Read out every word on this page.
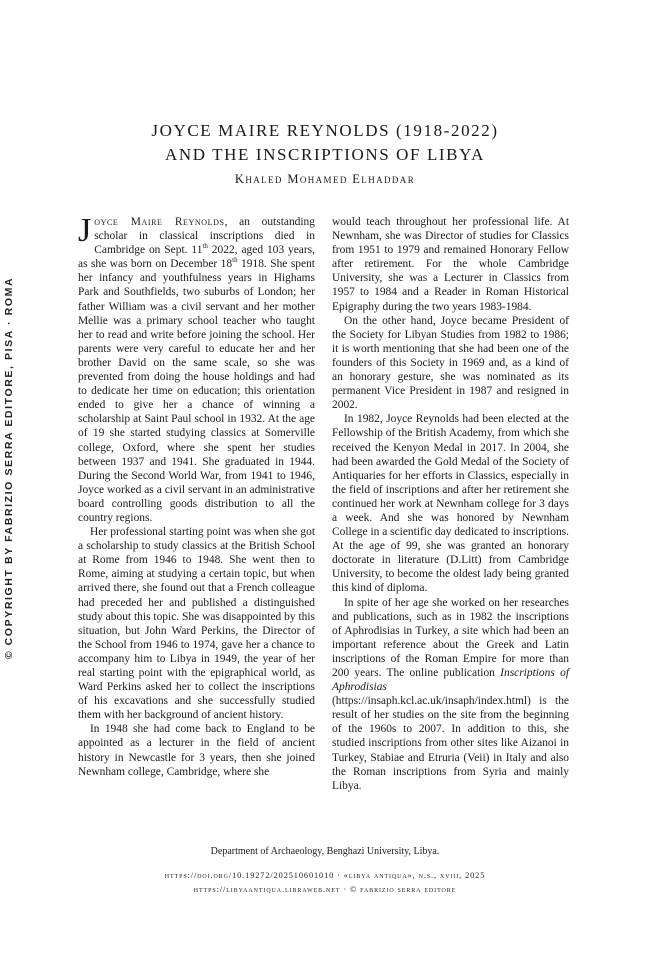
© COPYRIGHT BY FABRIZIO SERRA EDITORE, PISA · ROMA
JOYCE MAIRE REYNOLDS (1918-2022)
AND THE INSCRIPTIONS OF LIBYA
Khaled Mohamed Elhaddar

Joyce Maire Reynolds, an outstanding scholar in classical inscriptions died in Cambridge on Sept. 11th 2022, aged 103 years, as she was born on December 18th 1918. She spent her infancy and youthfulness years in Highams Park and Southfields, two suburbs of London; her father William was a civil servant and her mother Mellie was a primary school teacher who taught her to read and write before joining the school. Her parents were very careful to educate her and her brother David on the same scale, so she was prevented from doing the house holdings and had to dedicate her time on education; this orientation ended to give her a chance of winning a scholarship at Saint Paul school in 1932. At the age of 19 she started studying classics at Somerville college, Oxford, where she spent her studies between 1937 and 1941. She graduated in 1944. During the Second World War, from 1941 to 1946, Joyce worked as a civil servant in an administrative board controlling goods distribution to all the country regions.

Her professional starting point was when she got a scholarship to study classics at the British School at Rome from 1946 to 1948. She went then to Rome, aiming at studying a certain topic, but when arrived there, she found out that a French colleague had preceded her and published a distinguished study about this topic. She was disappointed by this situation, but John Ward Perkins, the Director of the School from 1946 to 1974, gave her a chance to accompany him to Libya in 1949, the year of her real starting point with the epigraphical world, as Ward Perkins asked her to collect the inscriptions of his excavations and she successfully studied them with her background of ancient history.

In 1948 she had come back to England to be appointed as a lecturer in the field of ancient history in Newcastle for 3 years, then she joined Newnham college, Cambridge, where she

would teach throughout her professional life. At Newnham, she was Director of studies for Classics from 1951 to 1979 and remained Honorary Fellow after retirement. For the whole Cambridge University, she was a Lecturer in Classics from 1957 to 1984 and a Reader in Roman Historical Epigraphy during the two years 1983-1984.

On the other hand, Joyce became President of the Society for Libyan Studies from 1982 to 1986; it is worth mentioning that she had been one of the founders of this Society in 1969 and, as a kind of an honorary gesture, she was nominated as its permanent Vice President in 1987 and resigned in 2002.

In 1982, Joyce Reynolds had been elected at the Fellowship of the British Academy, from which she received the Kenyon Medal in 2017. In 2004, she had been awarded the Gold Medal of the Society of Antiquaries for her efforts in Classics, especially in the field of inscriptions and after her retirement she continued her work at Newnham college for 3 days a week. And she was honored by Newnham College in a scientific day dedicated to inscriptions. At the age of 99, she was granted an honorary doctorate in literature (D.Litt) from Cambridge University, to become the oldest lady being granted this kind of diploma.

In spite of her age she worked on her researches and publications, such as in 1982 the inscriptions of Aphrodisias in Turkey, a site which had been an important reference about the Greek and Latin inscriptions of the Roman Empire for more than 200 years. The online publication Inscriptions of Aphrodisias (https://insaph.kcl.ac.uk/insaph/index.html) is the result of her studies on the site from the beginning of the 1960s to 2007. In addition to this, she studied inscriptions from other sites like Aizanoi in Turkey, Stabiae and Etruria (Veii) in Italy and also the Roman inscriptions from Syria and mainly Libya.

Department of Archaeology, Benghazi University, Libya.
https://doi.org/10.19272/202510601010 · «libya antiqua», n.s., xviii, 2025
https://libyaantiqua.libraweb.net · © fabrizio serra editore
